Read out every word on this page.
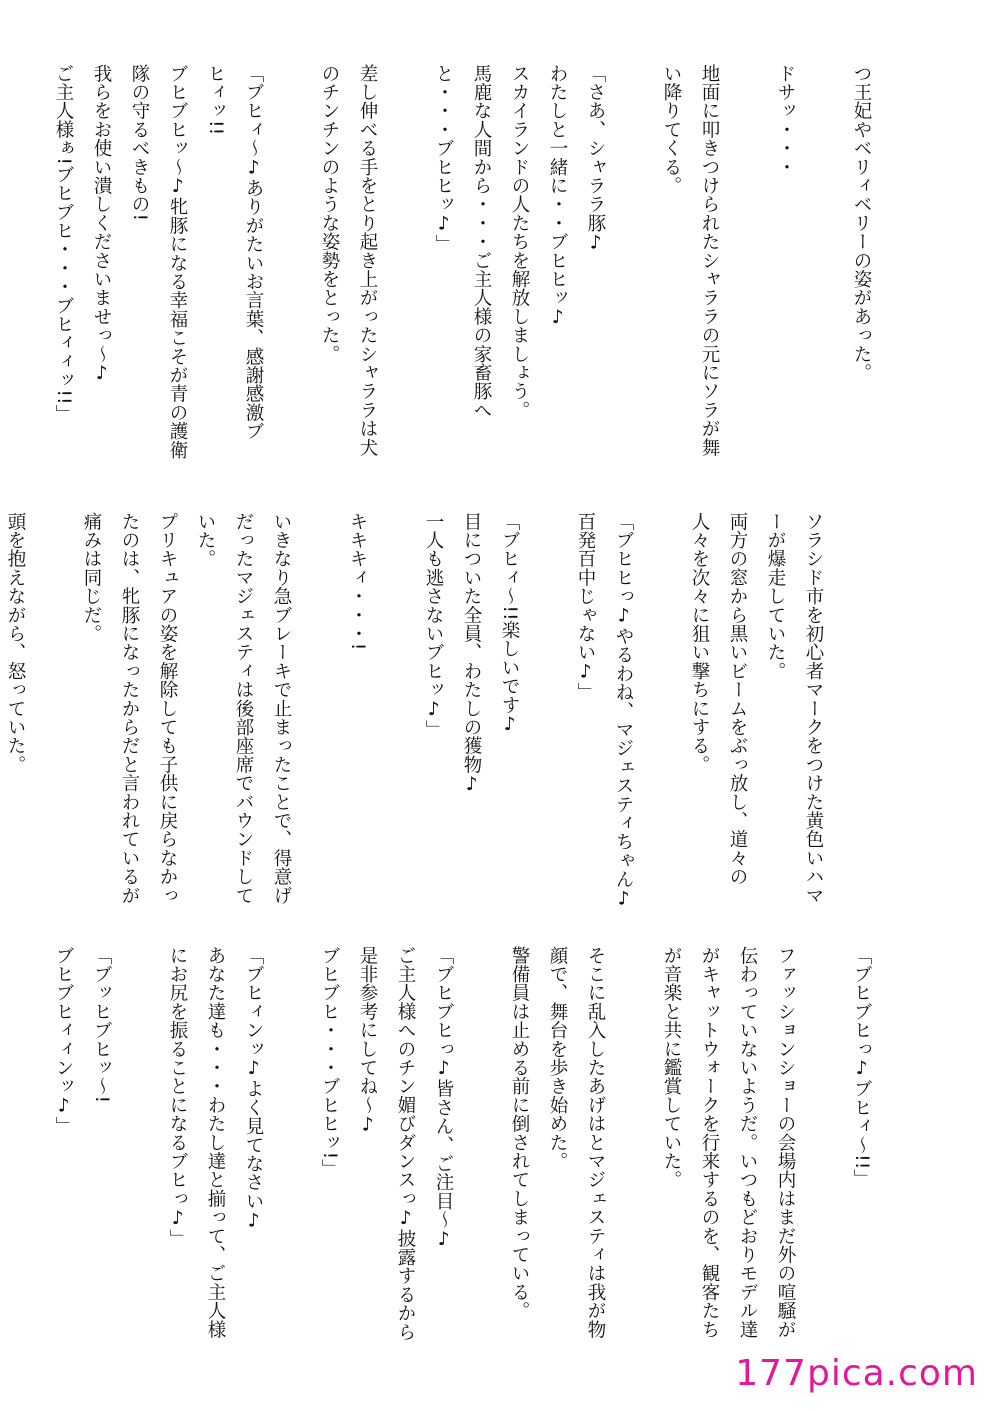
つ王妃やベリィベリーの姿があった。

ドサッ・・・

地面に叩きつけられたシャララの元にソラが舞
い降りてくる。

「さあ、シャララ豚♪
わたしと一緒に・・ブヒヒッ♪
スカイランドの人たちを解放しましょう。
馬鹿な人間から・・・ご主人様の家畜豚へ
と・・・ブヒヒッ♪」

差し伸べる手をとり起き上がったシャララは犬
のチンチンのような姿勢をとった。

「ブヒィ～♪ありがたいお言葉、感謝感激ブ
ヒィッ!!
ブヒブヒッ～♪牝豚になる幸福こそが青の護衛
隊の守るべきもの!
我らをお使い潰しくださいませっ～♪
ご主人様ぁ!ブヒブヒ・・・ブヒィィッ!!」

ソラシド市を初心者マークをつけた黄色いハマ
ーが爆走していた。
両方の窓から黒いビームをぶっ放し、道々の
人々を次々に狙い撃ちにする。

「ブヒヒっ♪やるわね、マジェスティちゃん♪
百発百中じゃない♪」

「ブヒィ～!!楽しいです♪
目についた全員、わたしの獲物♪
一人も逃さないブヒッ♪」

キキキィ・・・!

いきなり急ブレーキで止まったことで、得意げ
だったマジェスティは後部座席でバウンドして
いた。
プリキュアの姿を解除しても子供に戻らなかっ
たのは、牝豚になったからだと言われているが
痛みは同じだ。

頭を抱えながら、怒っていた。

「ブヒブヒっ♪ブヒィ～!!」

ファッションショーの会場内はまだ外の喧騒が
伝わっていないようだ。いつもどおりモデル達
がキャットウォークを行来するのを、観客たち
が音楽と共に鑑賞していた。

そこに乱入したあげはとマジェスティは我が物
顔で、舞台を歩き始めた。
警備員は止める前に倒されてしまっている。

「ブヒブヒっ♪皆さん、ご注目～♪
ご主人様へのチン媚びダンスっ♪披露するから
是非参考にしてね～♪
ブヒブヒ・・・ブヒヒッ!」

「ブヒィンッ♪よく見てなさい♪
あなた達も・・・わたし達と揃って、ご主人様
にお尻を振ることになるブヒっ♪」

「ブッヒブヒッ～!
ブヒブヒィィンッ♪」

177pica.com
